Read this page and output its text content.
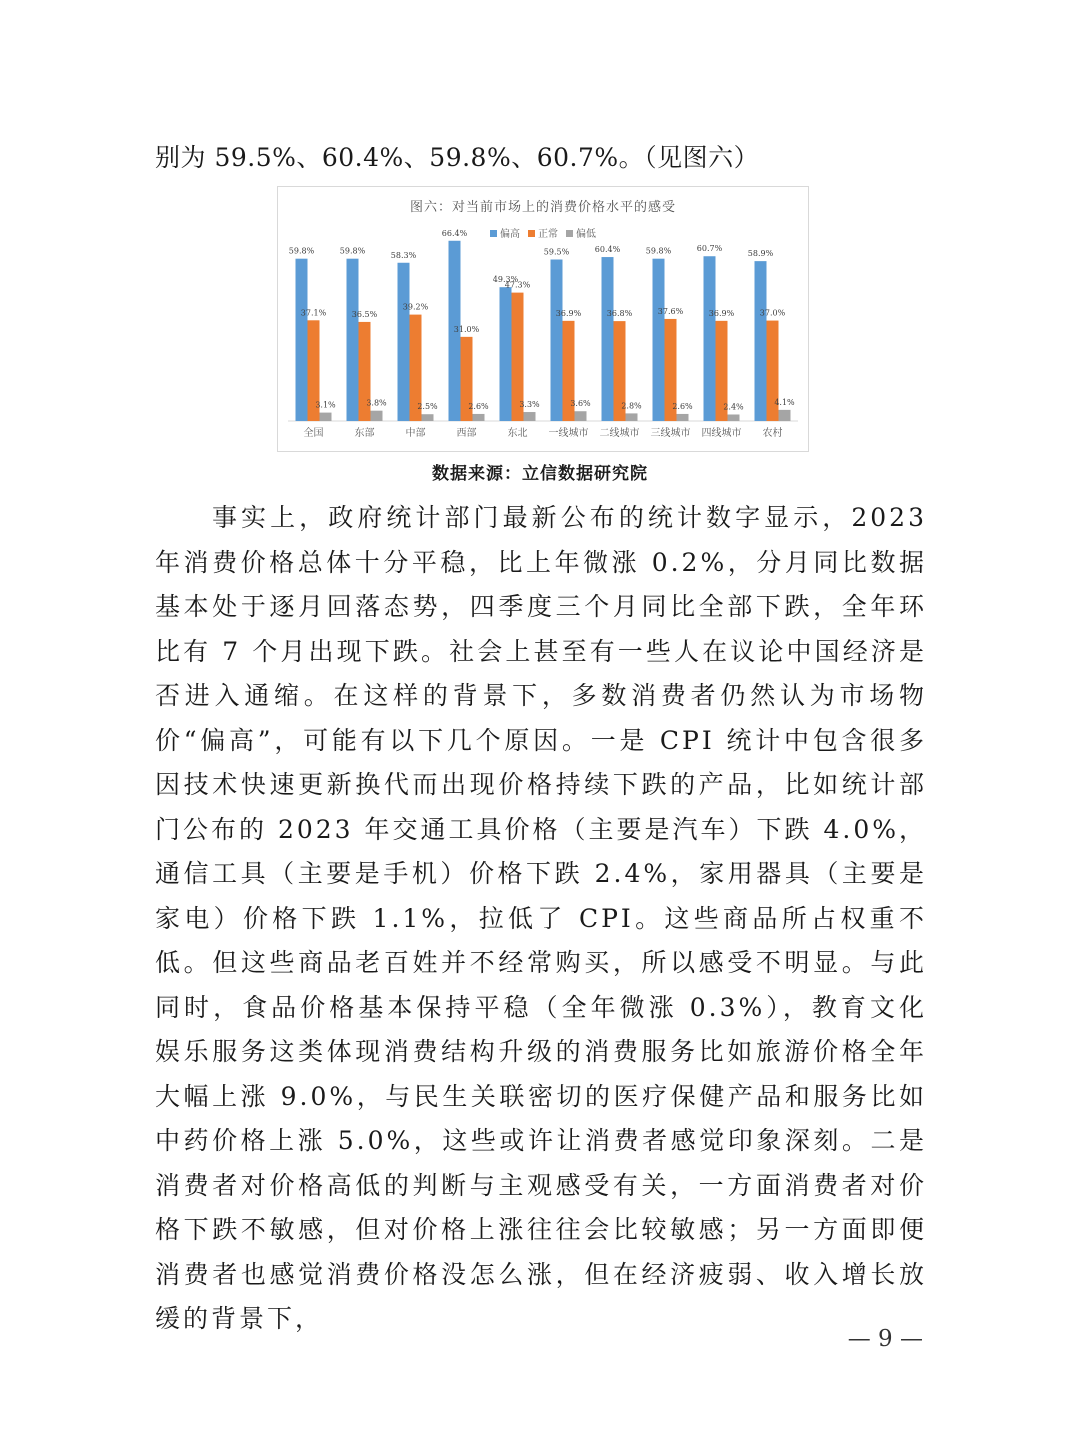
别为 59.5%、60.4%、59.8%、60.7%。（见图六）
图六：对当前市场上的消费价格水平的感受
偏高 正常 偏低
59.8%
37.1%
3.1%
59.8%
36.5%
3.8%
58.3%
39.2%
2.5%
66.4%
31.0%
2.6%
49.3%
47.3%
3.3%
59.5%
36.9%
3.6%
60.4%
36.8%
2.8%
59.8%
37.6%
2.6%
60.7%
36.9%
2.4%
58.9%
37.0%
4.1%
全国	东部	中部	西部	东北 一线城市 二线城市 三线城市 四线城市 农村
数据来源：立信数据研究院

事实上，政府统计部门最新公布的统计数字显示，2023 年消费价格总体十分平稳，比上年微涨 0.2%，分月同比数据基本处于逐月回落态势，四季度三个月同比全部下跌，全年环比有 7 个月出现下跌。社会上甚至有一些人在议论中国经济是否进入通缩。在这样的背景下，多数消费者仍然认为市场物价“偏高”，可能有以下几个原因。一是 CPI 统计中包含很多因技术快速更新换代而出现价格持续下跌的产品，比如统计部门公布的 2023 年交通工具价格（主要是汽车）下跌 4.0%，通信工具（主要是手机）价格下跌 2.4%，家用器具（主要是家电）价格下跌 1.1%，拉低了 CPI。这些商品所占权重不低。但这些商品老百姓并不经常购买，所以感受不明显。与此同时，食品价格基本保持平稳（全年微涨 0.3%），教育文化娱乐服务这类体现消费结构升级的消费服务比如旅游价格全年大幅上涨 9.0%，与民生关联密切的医疗保健产品和服务比如中药价格上涨 5.0%，这些或许让消费者感觉印象深刻。二是消费者对价格高低的判断与主观感受有关，一方面消费者对价格下跌不敏感，但对价格上涨往往会比较敏感；另一方面即便消费者也感觉消费价格没怎么涨，但在经济疲弱、收入增长放缓的背景下，

— 9 —
